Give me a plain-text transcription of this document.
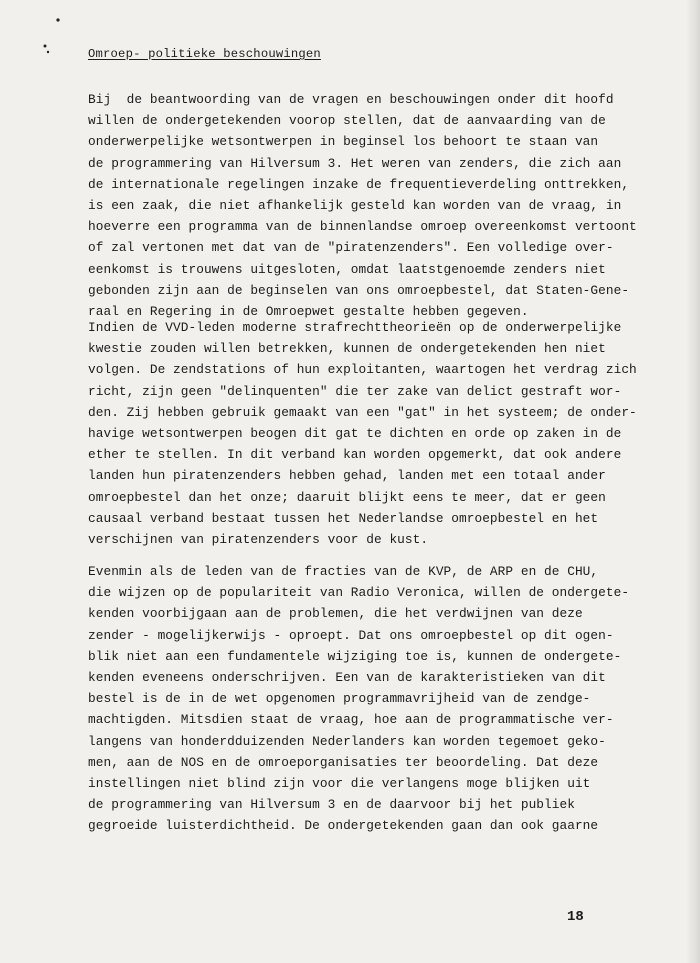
Omroep- politieke beschouwingen
Bij  de beantwoording van de vragen en beschouwingen onder dit hoofd
willen de ondergetekenden voorop stellen, dat de aanvaarding van de
onderwerpelijke wetsontwerpen in beginsel los behoort te staan van
de programmering van Hilversum 3. Het weren van zenders, die zich aan
de internationale regelingen inzake de frequentieverdeling onttrekken,
is een zaak, die niet afhankelijk gesteld kan worden van de vraag, in
hoeverre een programma van de binnenlandse omroep overeenkomst vertoont
of zal vertonen met dat van de "piratenzenders". Een volledige over-
eenkomst is trouwens uitgesloten, omdat laatstgenoemde zenders niet
gebonden zijn aan de beginselen van ons omroepbestel, dat Staten-Gene-
raal en Regering in de Omroepwet gestalte hebben gegeven.
Indien de VVD-leden moderne strafrechttheorieën op de onderwerpelijke
kwestie zouden willen betrekken, kunnen de ondergetekenden hen niet
volgen. De zendstations of hun exploitanten, waartogen het verdrag zich
richt, zijn geen "delinquenten" die ter zake van delict gestraft wor-
den. Zij hebben gebruik gemaakt van een "gat" in het systeem; de onder-
havige wetsontwerpen beogen dit gat te dichten en orde op zaken in de
ether te stellen. In dit verband kan worden opgemerkt, dat ook andere
landen hun piratenzenders hebben gehad, landen met een totaal ander
omroepbestel dan het onze; daaruit blijkt eens te meer, dat er geen
causaal verband bestaat tussen het Nederlandse omroepbestel en het
verschijnen van piratenzenders voor de kust.
Evenmin als de leden van de fracties van de KVP, de ARP en de CHU,
die wijzen op de populariteit van Radio Veronica, willen de ondergete-
kenden voorbijgaan aan de problemen, die het verdwijnen van deze
zender - mogelijkerwijs - oproept. Dat ons omroepbestel op dit ogen-
blik niet aan een fundamentele wijziging toe is, kunnen de ondergete-
kenden eveneens onderschrijven. Een van de karakteristieken van dit
bestel is de in de wet opgenomen programmavrijheid van de zendge-
machtigden. Mitsdien staat de vraag, hoe aan de programmatische ver-
langens van honderdduizenden Nederlanders kan worden tegemoet gekо-
men, aan de NOS en de omroeporganisaties ter beoordeling. Dat deze
instellingen niet blind zijn voor die verlangens moge blijken uit
de programmering van Hilversum 3 en de daarvoor bij het publiek
gegroeide luisterdichtheid. De ondergetekenden gaan dan ook gaarne
18
